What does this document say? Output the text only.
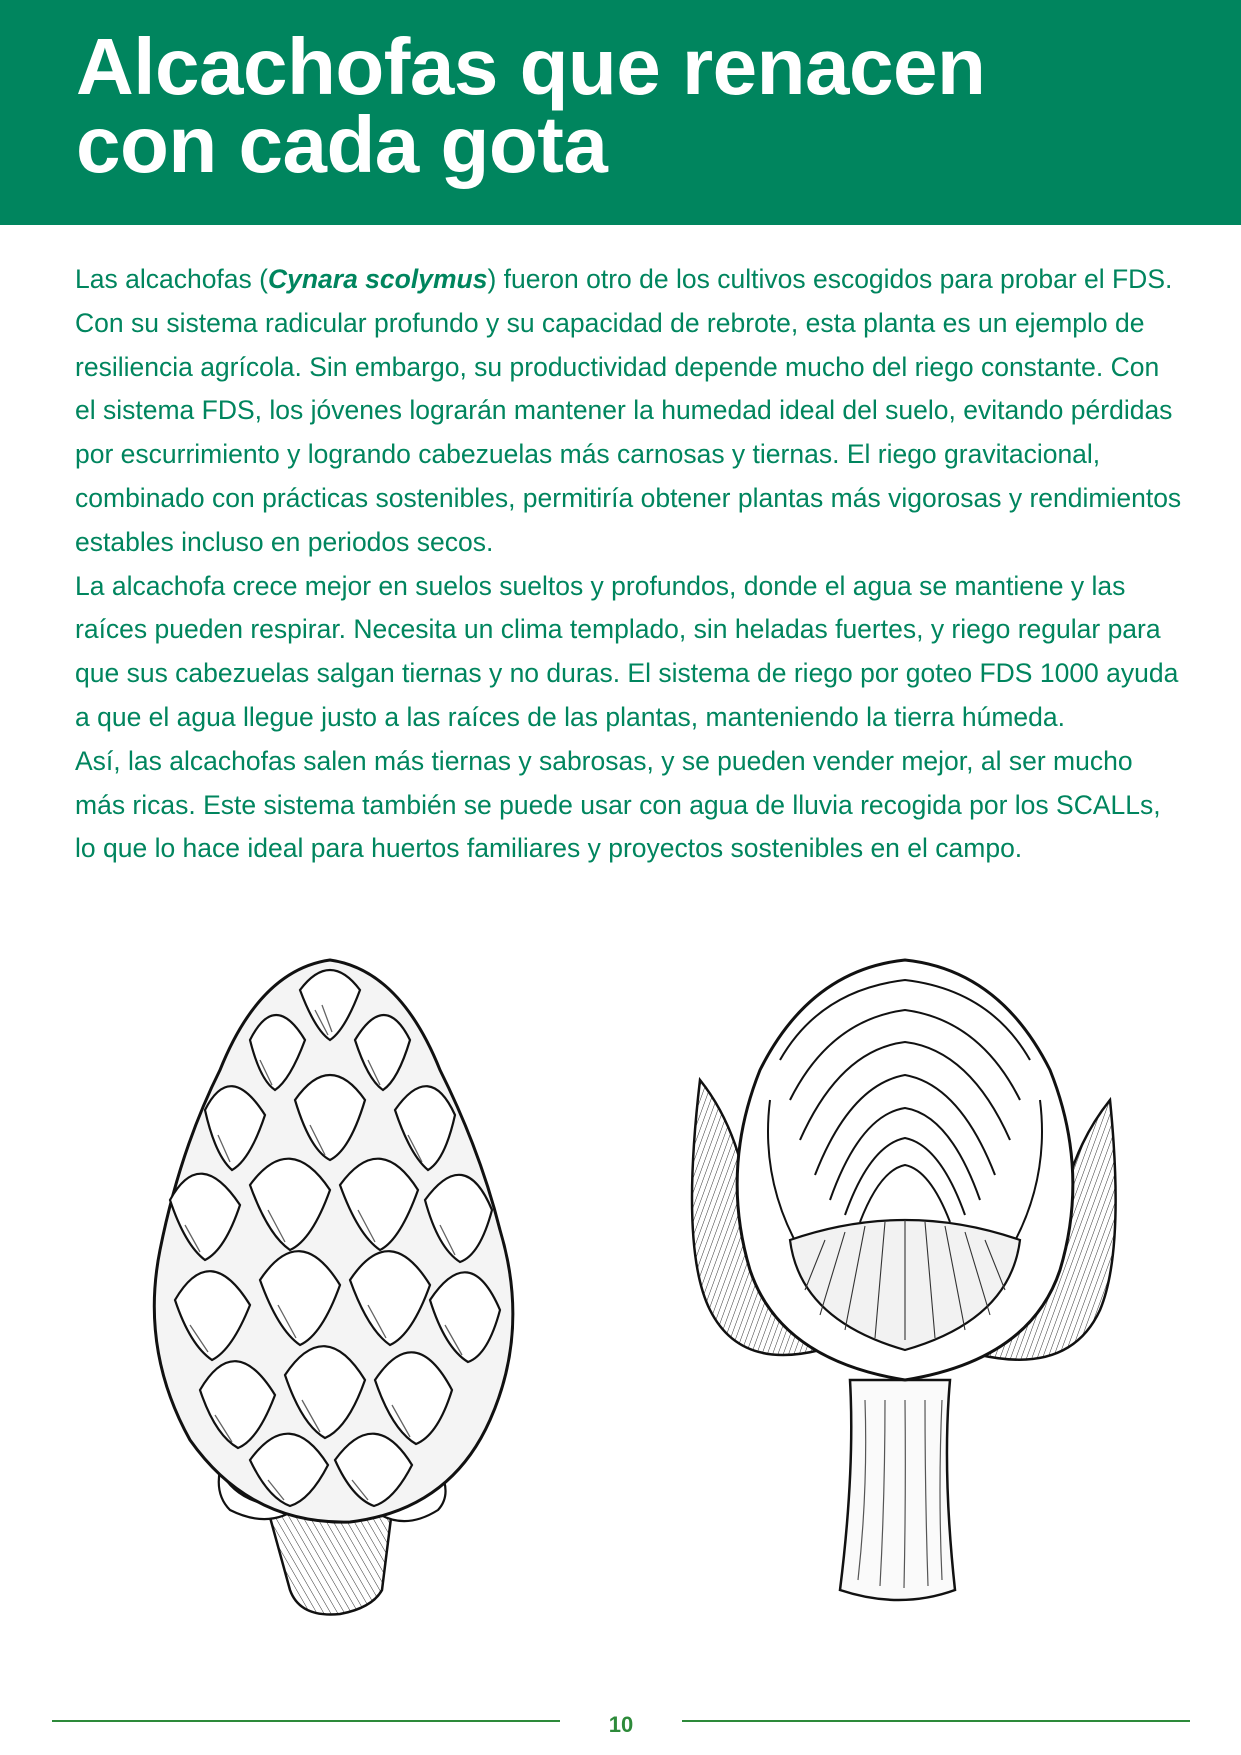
Alcachofas que renacen
con cada gota

Las alcachofas (Cynara scolymus) fueron otro de los cultivos escogidos para probar el FDS. Con su sistema radicular profundo y su capacidad de rebrote, esta planta es un ejemplo de resiliencia agrícola. Sin embargo, su productividad depende mucho del riego constante. Con el sistema FDS, los jóvenes lograrán mantener la humedad ideal del suelo, evitando pérdidas por escurrimiento y logrando cabezuelas más carnosas y tiernas. El riego gravitacional, combinado con prácticas sostenibles, permitiría obtener plantas más vigorosas y rendimientos estables incluso en periodos secos.

La alcachofa crece mejor en suelos sueltos y profundos, donde el agua se mantiene y las raíces pueden respirar. Necesita un clima templado, sin heladas fuertes, y riego regular para que sus cabezuelas salgan tiernas y no duras. El sistema de riego por goteo FDS 1000 ayuda a que el agua llegue justo a las raíces de las plantas, manteniendo la tierra húmeda.

Así, las alcachofas salen más tiernas y sabrosas, y se pueden vender mejor, al ser mucho más ricas. Este sistema también se puede usar con agua de lluvia recogida por los SCALLs, lo que lo hace ideal para huertos familiares y proyectos sostenibles en el campo.

10
